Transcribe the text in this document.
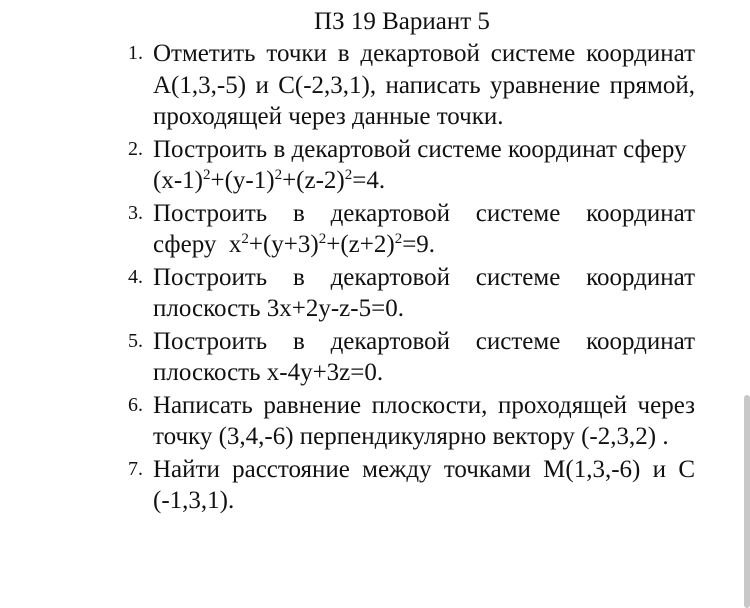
ПЗ 19 Вариант 5
1. Отметить точки в декартовой системе координат A(1,3,-5) и C(-2,3,1), написать уравнение прямой, проходящей через данные точки.
2. Построить в декартовой системе координат сферу
$(x-1)^2+(y-1)^2+(z-2)^2=4$.
3. Построить в декартовой системе координат сферу $x^2+(y+3)^2+(z+2)^2=9$.
4. Построить в декартовой системе координат плоскость 3x+2y-z-5=0.
5. Построить в декартовой системе координат плоскость x-4y+3z=0.
6. Написать равнение плоскости, проходящей через точку (3,4,-6) перпендикулярно вектору (-2,3,2) .
7. Найти расстояние между точками M(1,3,-6) и C (-1,3,1).
